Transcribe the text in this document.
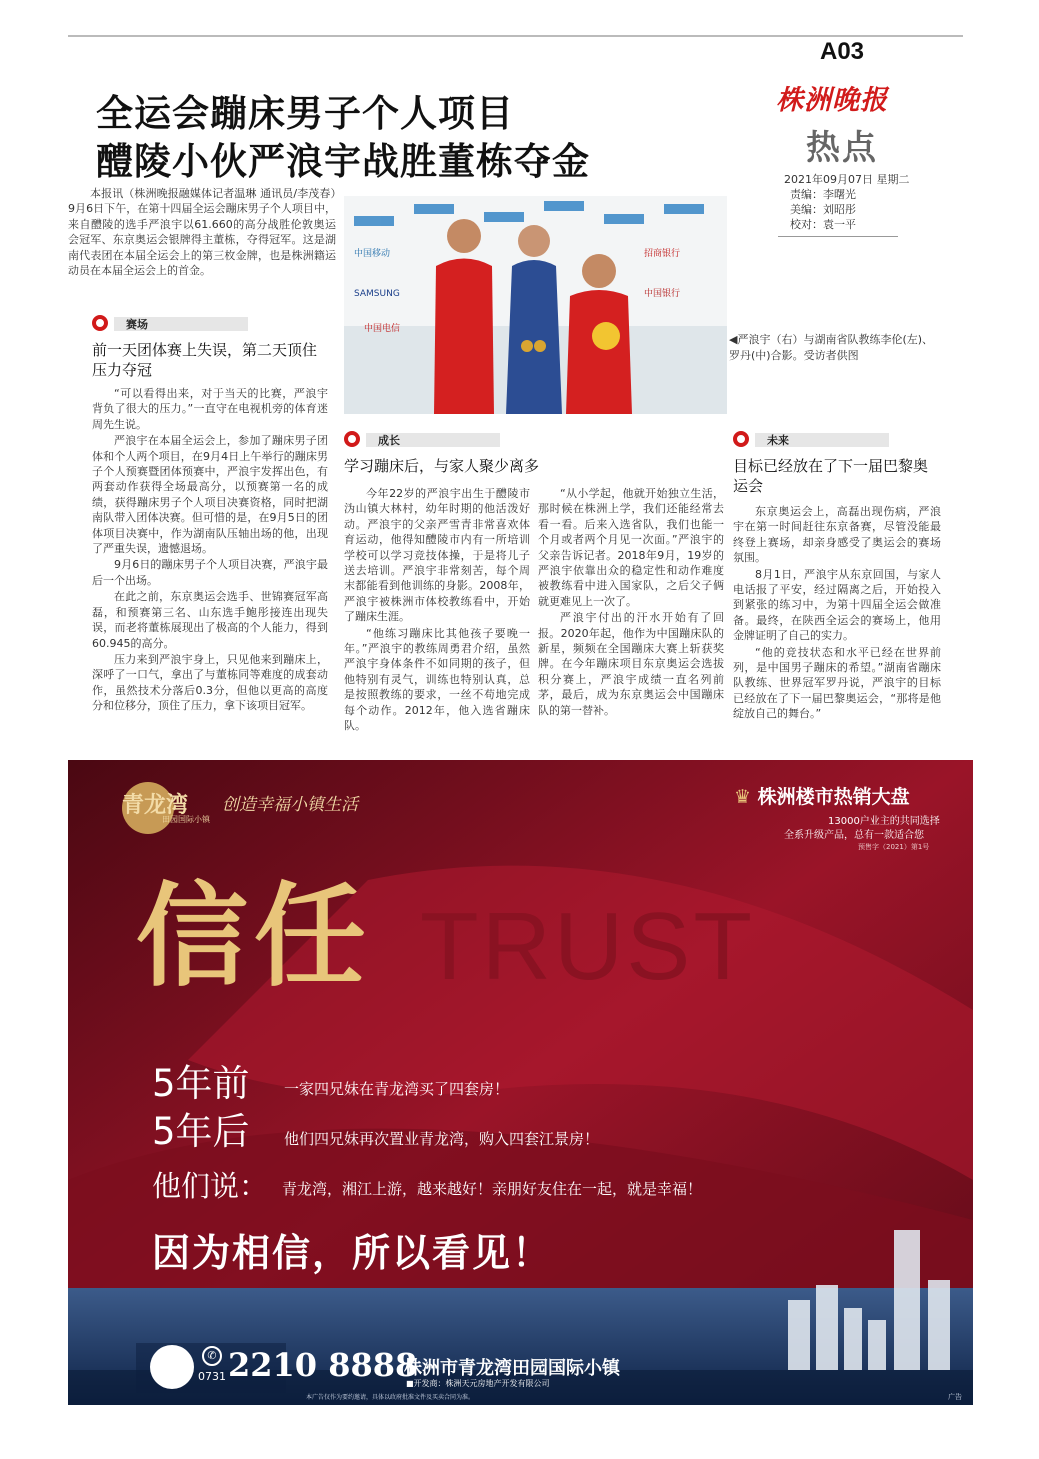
A03
株洲晚报
热点
2021年09月07日 星期二
责编：李曙光
美编：刘昭彤
校对：袁一平
全运会蹦床男子个人项目
醴陵小伙严浪宇战胜董栋夺金

本报讯（株洲晚报融媒体记者温琳 通讯员/李茂春）9月6日下午，在第十四届全运会蹦床男子个人项目中，来自醴陵的选手严浪宇以61.660的高分战胜伦敦奥运会冠军、东京奥运会银牌得主董栋，夺得冠军。这是湖南代表团在本届全运会上的第三枚金牌，也是株洲籍运动员在本届全运会上的首金。

赛场
前一天团体赛上失误，第二天顶住压力夺冠

“可以看得出来，对于当天的比赛，严浪宇背负了很大的压力。”一直守在电视机旁的体育迷周先生说。

严浪宇在本届全运会上，参加了蹦床男子团体和个人两个项目，在9月4日上午举行的蹦床男子个人预赛暨团体预赛中，严浪宇发挥出色，有两套动作获得全场最高分，以预赛第一名的成绩，获得蹦床男子个人项目决赛资格，同时把湖南队带入团体决赛。但可惜的是，在9月5日的团体项目决赛中，作为湖南队压轴出场的他，出现了严重失误，遗憾退场。

9月6日的蹦床男子个人项目决赛，严浪宇最后一个出场。

在此之前，东京奥运会选手、世锦赛冠军高磊，和预赛第三名、山东选手鲍彤接连出现失误，而老将董栋展现出了极高的个人能力，得到60.945的高分。

压力来到严浪宇身上，只见他来到蹦床上，深呼了一口气，拿出了与董栋同等难度的成套动作，虽然技术分落后0.3分，但他以更高的高度分和位移分，顶住了压力，拿下该项目冠军。

中国移动
SAMSUNG
中国电信
招商银行
中国银行
◀严浪宇（右）与湖南省队教练李伦(左)、罗丹(中)合影。受访者供图
成长
学习蹦床后，与家人聚少离多

今年22岁的严浪宇出生于醴陵市沩山镇大林村，幼年时期的他活泼好动。严浪宇的父亲严雪青非常喜欢体育运动，他得知醴陵市内有一所培训学校可以学习竞技体操，于是将儿子送去培训。严浪宇非常刻苦，每个周末都能看到他训练的身影。2008年，严浪宇被株洲市体校教练看中，开始了蹦床生涯。

“他练习蹦床比其他孩子要晚一年。”严浪宇的教练周勇君介绍，虽然严浪宇身体条件不如同期的孩子，但他特别有灵气，训练也特别认真，总是按照教练的要求，一丝不苟地完成每个动作。2012年，他入选省蹦床队。

“从小学起，他就开始独立生活，那时候在株洲上学，我们还能经常去看一看。后来入选省队，我们也能一个月或者两个月见一次面。”严浪宇的父亲告诉记者。2018年9月，19岁的严浪宇依靠出众的稳定性和动作难度被教练看中进入国家队，之后父子俩就更难见上一次了。

严浪宇付出的汗水开始有了回报。2020年起，他作为中国蹦床队的新星，频频在全国蹦床大赛上斩获奖牌。在今年蹦床项目东京奥运会选拔积分赛上，严浪宇成绩一直名列前茅，最后，成为东京奥运会中国蹦床队的第一替补。

未来
目标已经放在了下一届巴黎奥运会

东京奥运会上，高磊出现伤病，严浪宇在第一时间赶往东京备赛，尽管没能最终登上赛场，却亲身感受了奥运会的赛场氛围。

8月1日，严浪宇从东京回国，与家人电话报了平安，经过隔离之后，开始投入到紧张的练习中，为第十四届全运会做准备。最终，在陕西全运会的赛场上，他用金牌证明了自己的实力。

“他的竞技状态和水平已经在世界前列，是中国男子蹦床的希望。”湖南省蹦床队教练、世界冠军罗丹说，严浪宇的目标已经放在了下一届巴黎奥运会，“那将是他绽放自己的舞台。”

青龙湾
田园国际小镇
创造幸福小镇生活	♛ 株洲楼市热销大盘
13000户业主的共同选择
全系升级产品，总有一款适合您
预售字（2021）第1号
信任 TRUST
5年前 一家四兄妹在青龙湾买了四套房！
5年后 他们四兄妹再次置业青龙湾，购入四套江景房！
他们说： 青龙湾，湘江上游，越来越好！亲朋好友住在一起，就是幸福！
因为相信，所以看见！
✆
0731 2210 8888
株洲市青龙湾田园国际小镇
■开发商：株洲天元房地产开发有限公司
本广告仅作为要约邀请，具体以政府批准文件及买卖合同为准。	广告
